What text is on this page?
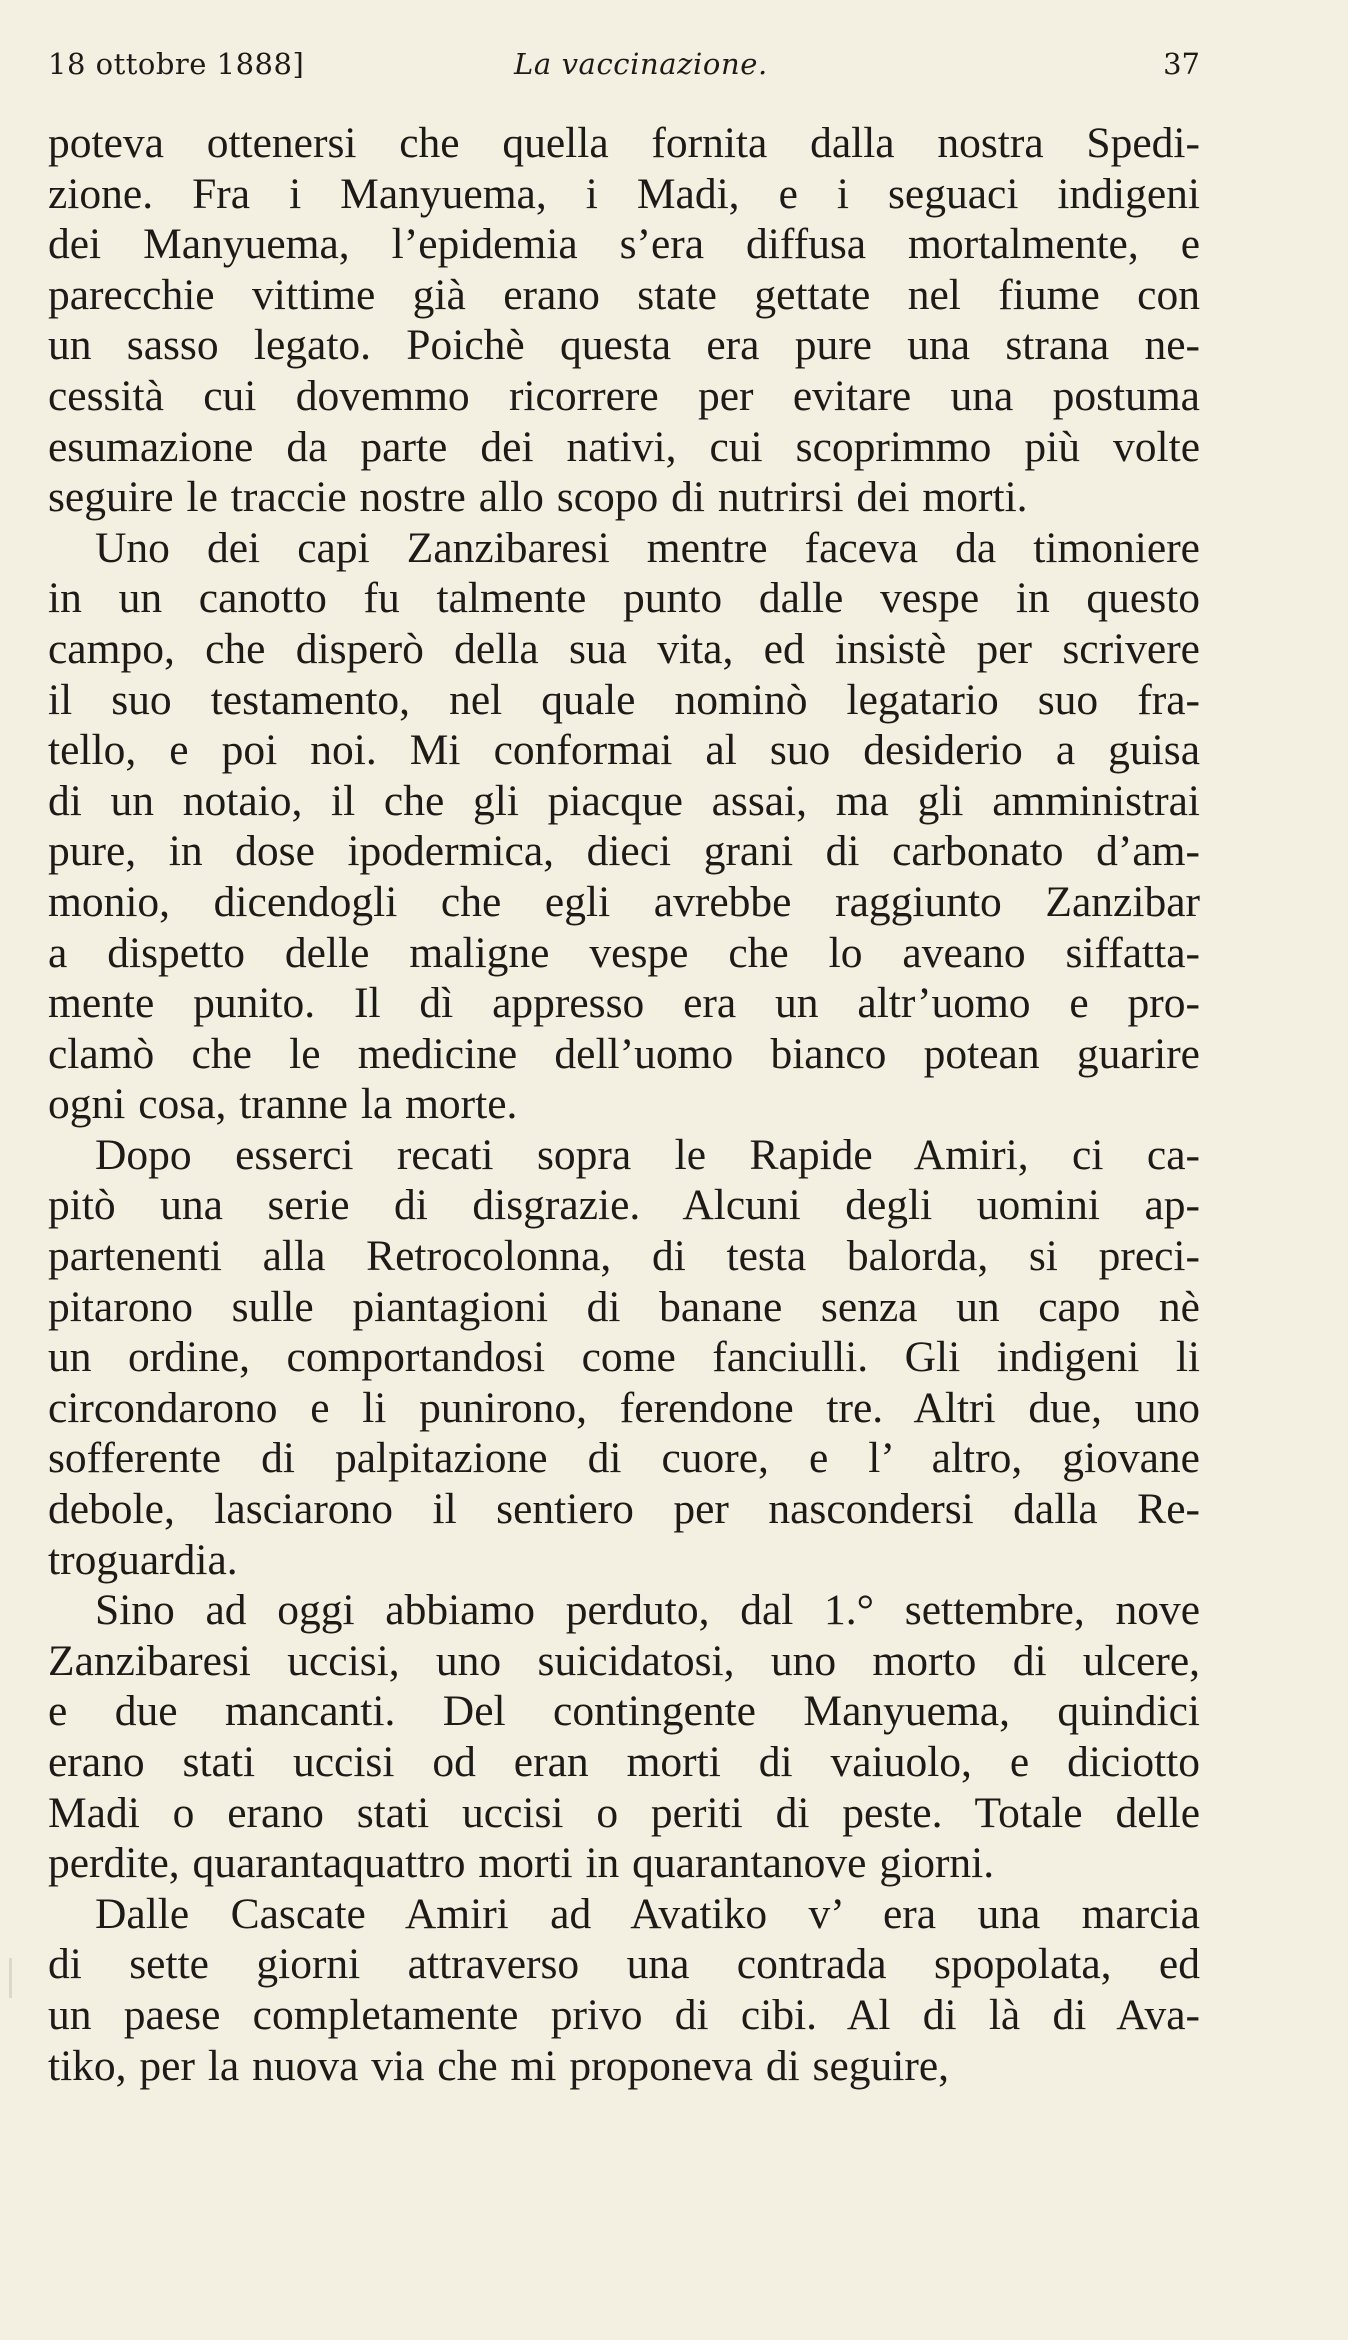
18 ottobre 1888]	La vaccinazione.	37
poteva ottenersi che quella fornita dalla nostra Spedi-
zione. Fra i Manyuema, i Madi, e i seguaci indigeni
dei Manyuema, l’epidemia s’era diffusa mortalmente, e
parecchie vittime già erano state gettate nel fiume con
un sasso legato. Poichè questa era pure una strana ne-
cessità cui dovemmo ricorrere per evitare una postuma
esumazione da parte dei nativi, cui scoprimmo più volte
seguire le traccie nostre allo scopo di nutrirsi dei morti.
Uno dei capi Zanzibaresi mentre faceva da timoniere
in un canotto fu talmente punto dalle vespe in questo
campo, che disperò della sua vita, ed insistè per scrivere
il suo testamento, nel quale nominò legatario suo fra-
tello, e poi noi. Mi conformai al suo desiderio a guisa
di un notaio, il che gli piacque assai, ma gli amministrai
pure, in dose ipodermica, dieci grani di carbonato d’am-
monio, dicendogli che egli avrebbe raggiunto Zanzibar
a dispetto delle maligne vespe che lo aveano siffatta-
mente punito. Il dì appresso era un altr’uomo e pro-
clamò che le medicine dell’uomo bianco potean guarire
ogni cosa, tranne la morte.
Dopo esserci recati sopra le Rapide Amiri, ci ca-
pitò una serie di disgrazie. Alcuni degli uomini ap-
partenenti alla Retrocolonna, di testa balorda, si preci-
pitarono sulle piantagioni di banane senza un capo nè
un ordine, comportandosi come fanciulli. Gli indigeni li
circondarono e li punirono, ferendone tre. Altri due, uno
sofferente di palpitazione di cuore, e l’ altro, giovane
debole, lasciarono il sentiero per nascondersi dalla Re-
troguardia.
Sino ad oggi abbiamo perduto, dal 1.° settembre, nove
Zanzibaresi uccisi, uno suicidatosi, uno morto di ulcere,
e due mancanti. Del contingente Manyuema, quindici
erano stati uccisi od eran morti di vaiuolo, e diciotto
Madi o erano stati uccisi o periti di peste. Totale delle
perdite, quarantaquattro morti in quarantanove giorni.
Dalle Cascate Amiri ad Avatiko v’ era una marcia
di sette giorni attraverso una contrada spopolata, ed
un paese completamente privo di cibi. Al di là di Ava-
tiko, per la nuova via che mi proponeva di seguire,
